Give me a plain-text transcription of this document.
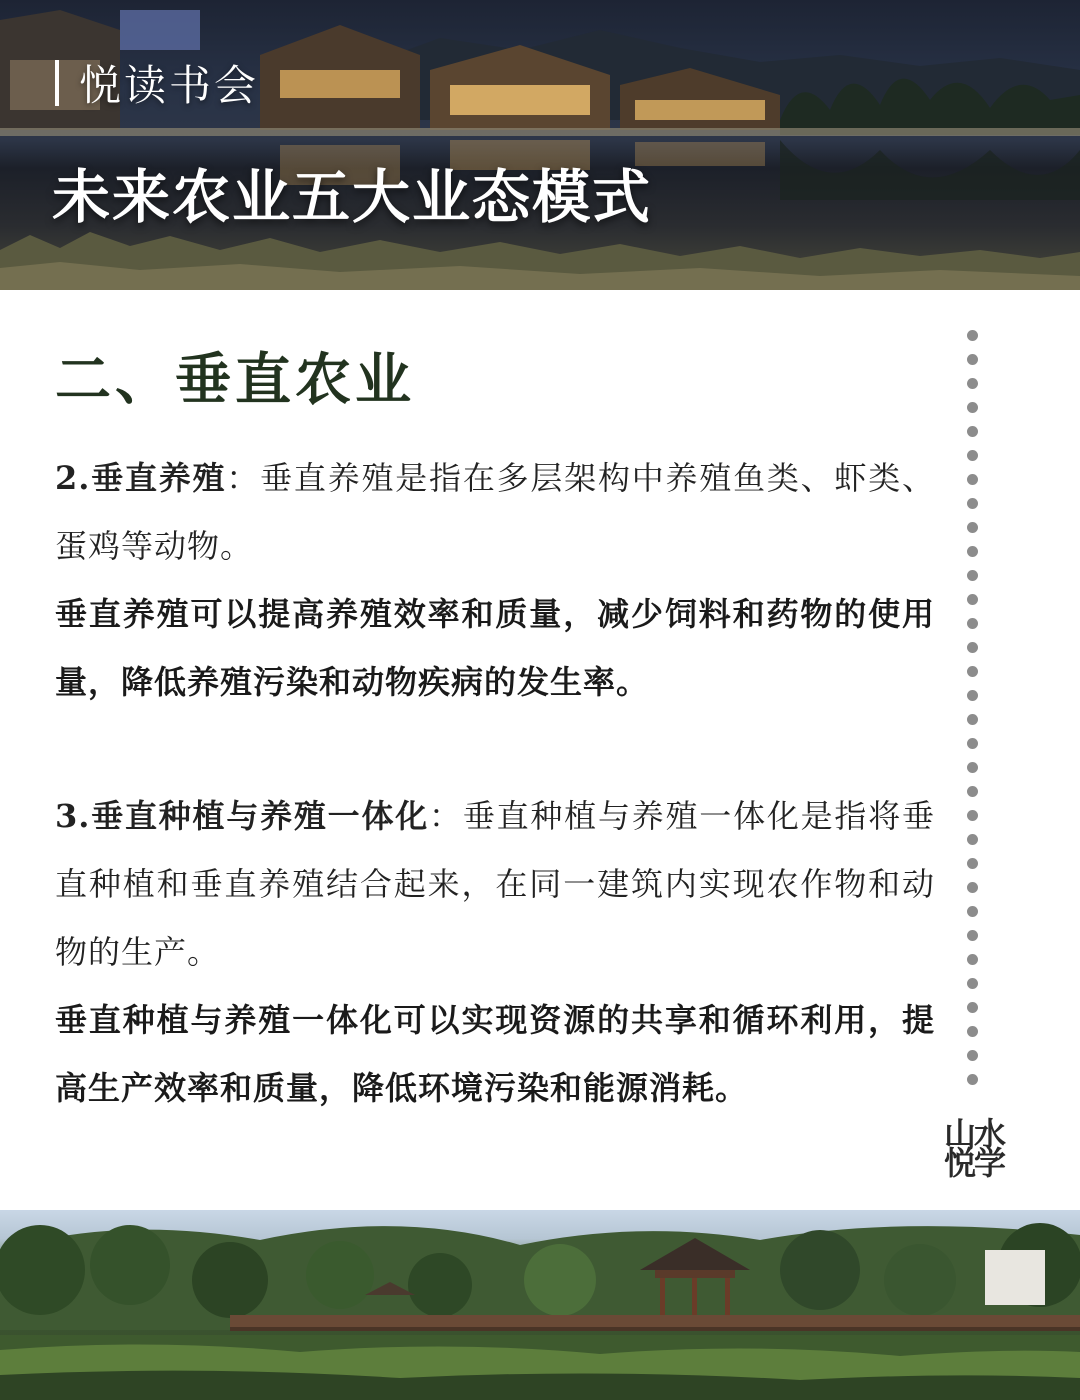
悦读书会
未来农业五大业态模式
二、垂直农业

2.垂直养殖：垂直养殖是指在多层架构中养殖鱼类、虾类、蛋鸡等动物。

垂直养殖可以提高养殖效率和质量，减少饲料和药物的使用量，降低养殖污染和动物疾病的发生率。

3.垂直种植与养殖一体化：垂直种植与养殖一体化是指将垂直种植和垂直养殖结合起来，在同一建筑内实现农作物和动物的生产。

垂直种植与养殖一体化可以实现资源的共享和循环利用，提高生产效率和质量，降低环境污染和能源消耗。

山水
悦学
